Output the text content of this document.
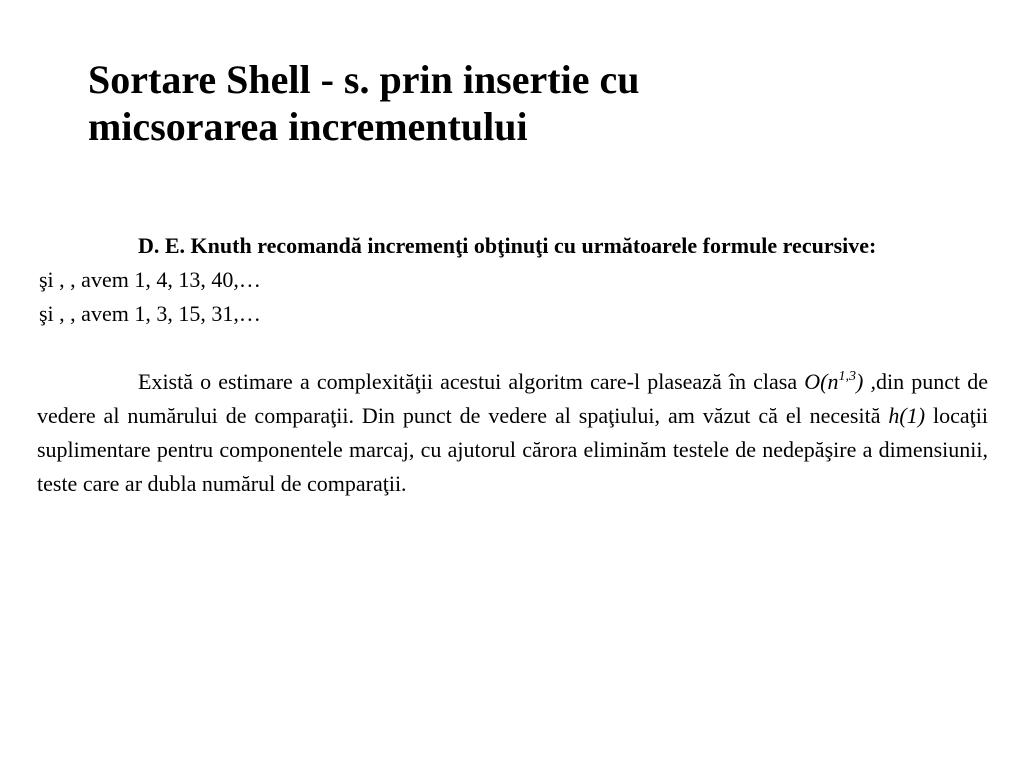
Sortare Shell - s. prin insertie cu
micsorarea incrementului

D. E. Knuth recomandă incremenţi obţinuţi cu următoarele formule recursive:

şi , , avem 1, 4, 13, 40,…

şi , , avem 1, 3, 15, 31,…

Există o estimare a complexităţii acestui algoritm care-l plasează în clasa $O(n^{1,3})$ ,din punct de vedere al numărului de comparaţii. Din punct de vedere al spaţiului, am văzut că el necesită h(1) locaţii suplimentare pentru componentele marcaj, cu ajutorul cărora eliminăm testele de nedepăşire a dimensiunii, teste care ar dubla numărul de comparaţii.
